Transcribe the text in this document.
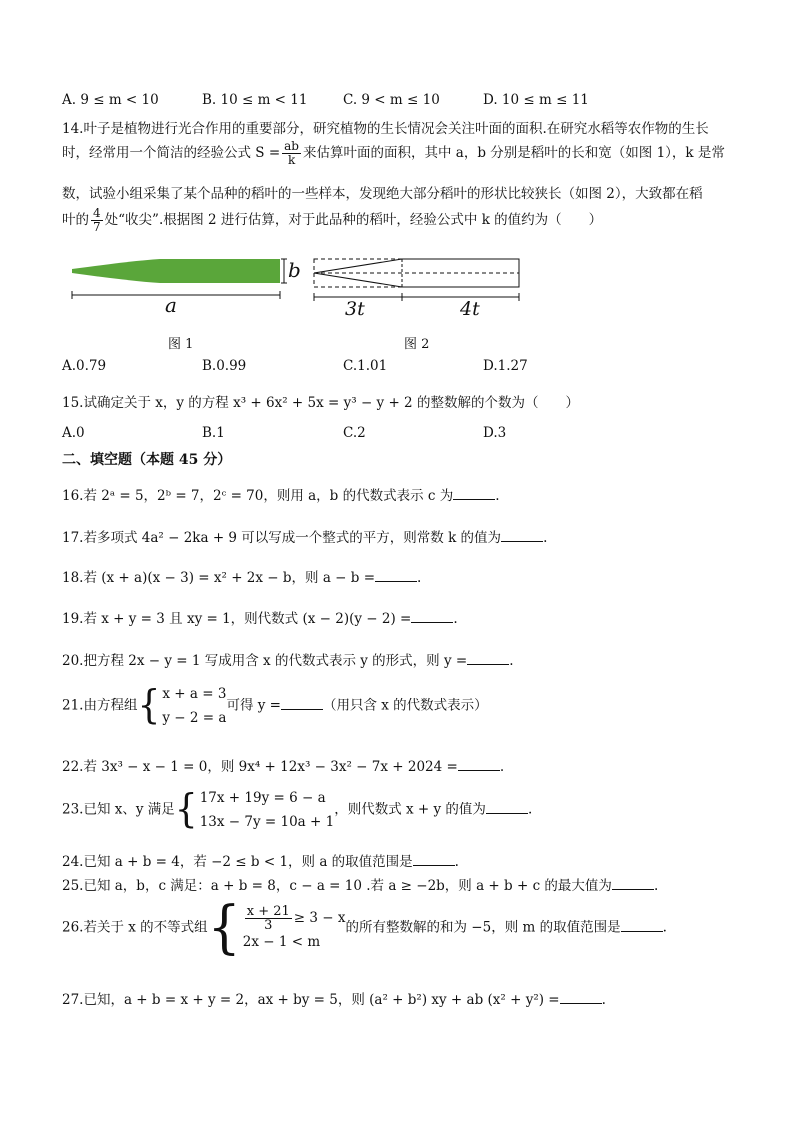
A. 9 ≤ m < 10	B. 10 ≤ m < 11	C. 9 < m ≤ 10	D. 10 ≤ m ≤ 11
14.叶子是植物进行光合作用的重要部分，研究植物的生长情况会关注叶面的面积.在研究水稻等农作物的生长
时，经常用一个简洁的经验公式 $S = \frac{ab}{k}$ 来估算叶面的面积，其中 a，b 分别是稻叶的长和宽（如图 1），k 是常
数，试验小组采集了某个品种的稻叶的一些样本，发现绝大部分稻叶的形状比较狭长（如图 2），大致都在稻
叶的 $\frac{4}{7}$ 处“收尖”.根据图 2 进行估算，对于此品种的稻叶，经验公式中 k 的值约为（　　）
b
a	3t	4t
图 1	图 2
A.0.79	B.0.99	C.1.01	D.1.27
15.试确定关于 x，y 的方程 x³ + 6x² + 5x = y³ − y + 2 的整数解的个数为（　　）
A.0	B.1	C.2	D.3
二、填空题（本题 45 分）
16.若 2ᵃ = 5，2ᵇ = 7，2ᶜ = 70，则用 a，b 的代数式表示 c 为	.
17.若多项式 4a² − 2ka + 9 可以写成一个整式的平方，则常数 k 的值为	.
18.若 (x + a)(x − 3) = x² + 2x − b，则 a − b =	.
19.若 x + y = 3 且 xy = 1，则代数式 (x − 2)(y − 2) =	.
20.把方程 2x − y = 1 写成用含 x 的代数式表示 y 的形式，则 y =	.
21.由方程组{ x + a = 3
y − 2 = a可得 y =	（用只含 x 的代数式表示）
22.若 3x³ − x − 1 = 0，则 9x⁴ + 12x³ − 3x² − 7x + 2024 =	.
23.已知 x、y 满足{ 17x + 19y = 6 − a
13x − 7y = 10a + 1，则代数式 x + y 的值为	.
24.已知 a + b = 4，若 −2 ≤ b < 1，则 a 的取值范围是	.
25.已知 a，b，c 满足：a + b = 8，c − a = 10 .若 a ≥ −2b，则 a + b + c 的最大值为	.
26.若关于 x 的不等式组{ $\frac{x + 21}{3} \ge 3 - x$
2x − 1 < m的所有整数解的和为 −5，则 m 的取值范围是	.
27.已知，a + b = x + y = 2，ax + by = 5，则 (a² + b²) xy + ab (x² + y²) =	.
